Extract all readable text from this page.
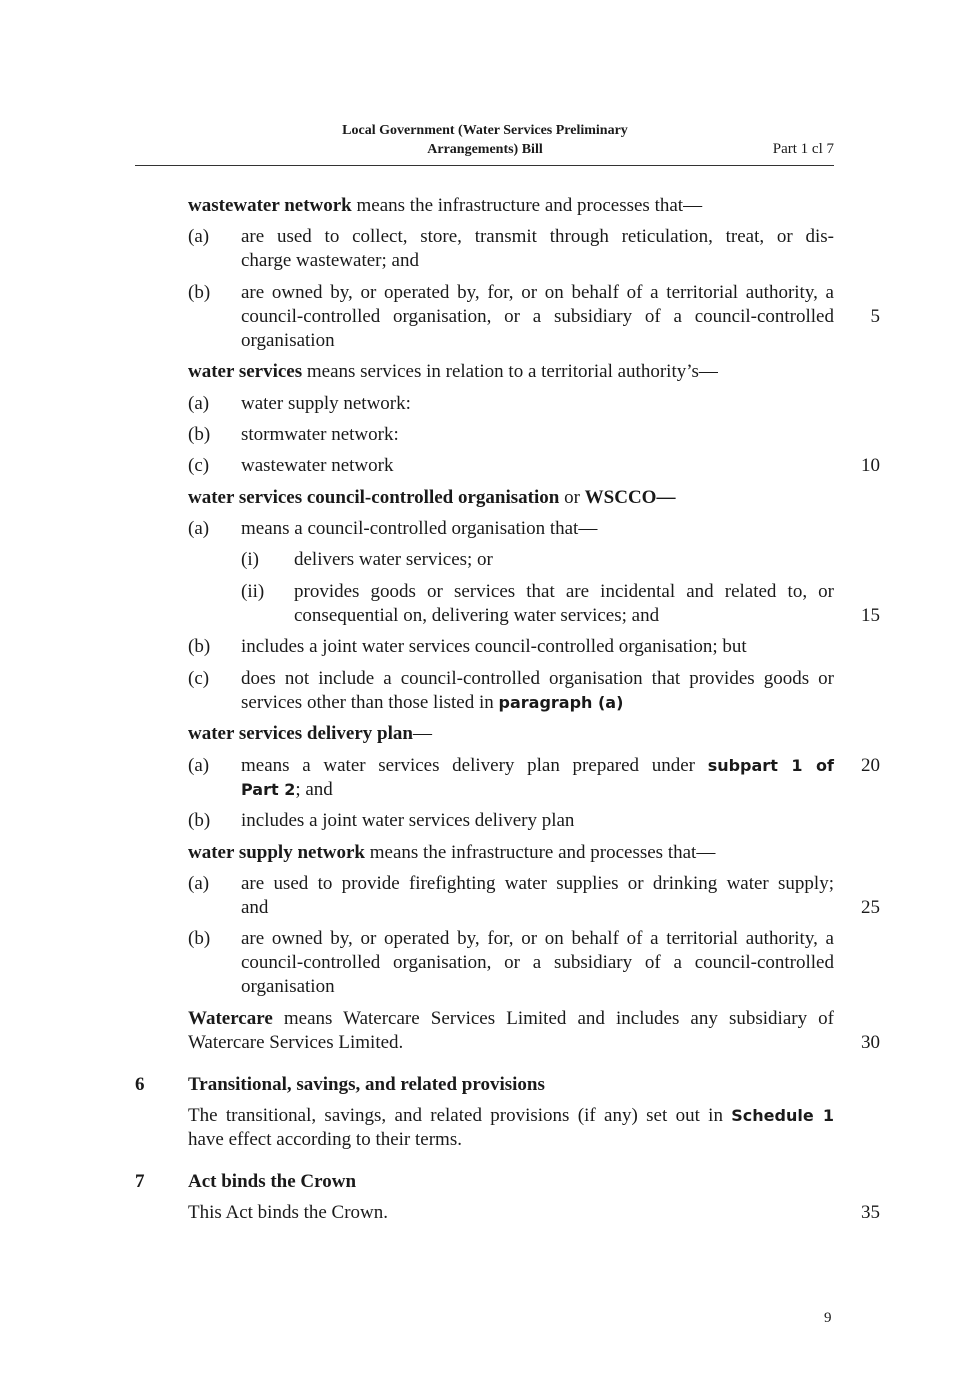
Local Government (Water Services Preliminary
Arrangements) Bill	Part 1 cl 7
wastewater network means the infrastructure and processes that—
(a) are used to collect, store, transmit through reticulation, treat, or dis-
charge wastewater; and
(b) are owned by, or operated by, for, or on behalf of a territorial authority, a
council-controlled organisation, or a subsidiary of a council-controlled
organisation
5
water services means services in relation to a territorial authority’s—
(a) water supply network:
(b) stormwater network:
(c) wastewater network	10
water services council-controlled organisation or WSCCO—
(a) means a council-controlled organisation that—
(i) delivers water services; or
(ii) provides goods or services that are incidental and related to, or
consequential on, delivering water services; and	15
(b) includes a joint water services council-controlled organisation; but
(c) does not include a council-controlled organisation that provides goods or
services other than those listed in paragraph (a)
water services delivery plan—
(a) means a water services delivery plan prepared under subpart 1 of
Part 2; and
20
(b) includes a joint water services delivery plan
water supply network means the infrastructure and processes that—
(a) are used to provide firefighting water supplies or drinking water supply;
and	25
(b) are owned by, or operated by, for, or on behalf of a territorial authority, a
council-controlled organisation, or a subsidiary of a council-controlled
organisation
Watercare means Watercare Services Limited and includes any subsidiary of
Watercare Services Limited.	30
6 Transitional, savings, and related provisions
The transitional, savings, and related provisions (if any) set out in Schedule 1
have effect according to their terms.
7 Act binds the Crown
This Act binds the Crown.	35
9
